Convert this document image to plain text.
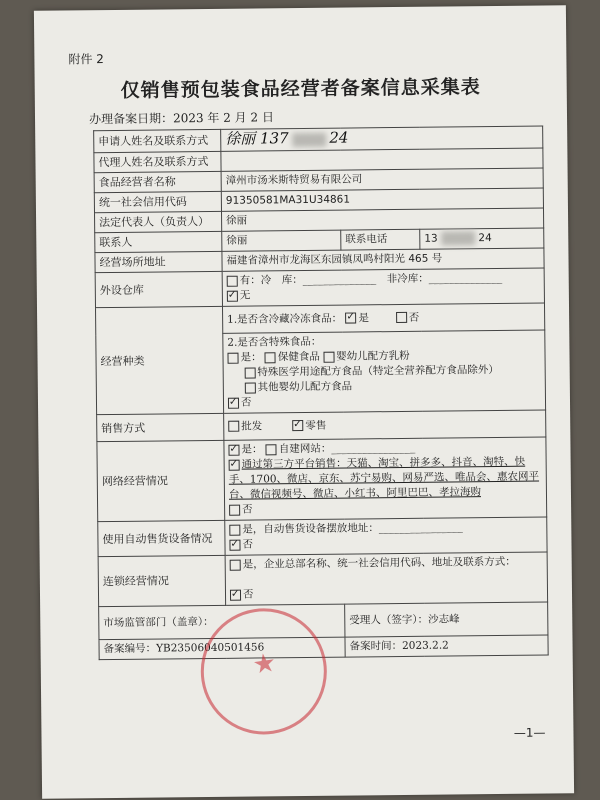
附件 2
仅销售预包装食品经营者备案信息采集表
办理备案日期：2023 年 2 月 2 日
申请人姓名及联系方式	徐丽 137 24		
代理人姓名及联系方式			
食品经营者名称	漳州市汤米斯特贸易有限公司		
统一社会信用代码	91350581MA31U34861		
法定代表人（负责人）	徐丽		
联系人	徐丽	联系电话	13 24
经营场所地址	福建省漳州市龙海区东园镇凤鸣村阳光 465 号		
外设仓库	有：冷　库：______________　非冷库：______________
✓无
经营种类	1.是否含冷藏冷冻食品： ✓ 是 否
	2.是否含特殊食品：
是： 保健食品 婴幼儿配方乳粉
特殊医学用途配方食品（特定全营养配方食品除外）
其他婴幼儿配方食品
✓否
销售方式	批发 ✓ 零售
网络经营情况	✓是： 自建网站：________________
✓通过第三方平台销售：天猫、淘宝、拼多多、抖音、淘特、快手、1700、微店、京东、苏宁易购、网易严选、唯品会、惠农网平台、微信视频号、微店、小红书、阿里巴巴、孝拉海购
否
使用自动售货设备情况	是，自动售货设备摆放地址：________________
✓否
连锁经营情况	是，企业总部名称、统一社会信用代码、地址及联系方式：

✓否
市场监管部门（盖章）：		受理人（签字）：沙志峰	
备案编号：YB23506040501456		备案时间：2023.2.2	
★
—1—
